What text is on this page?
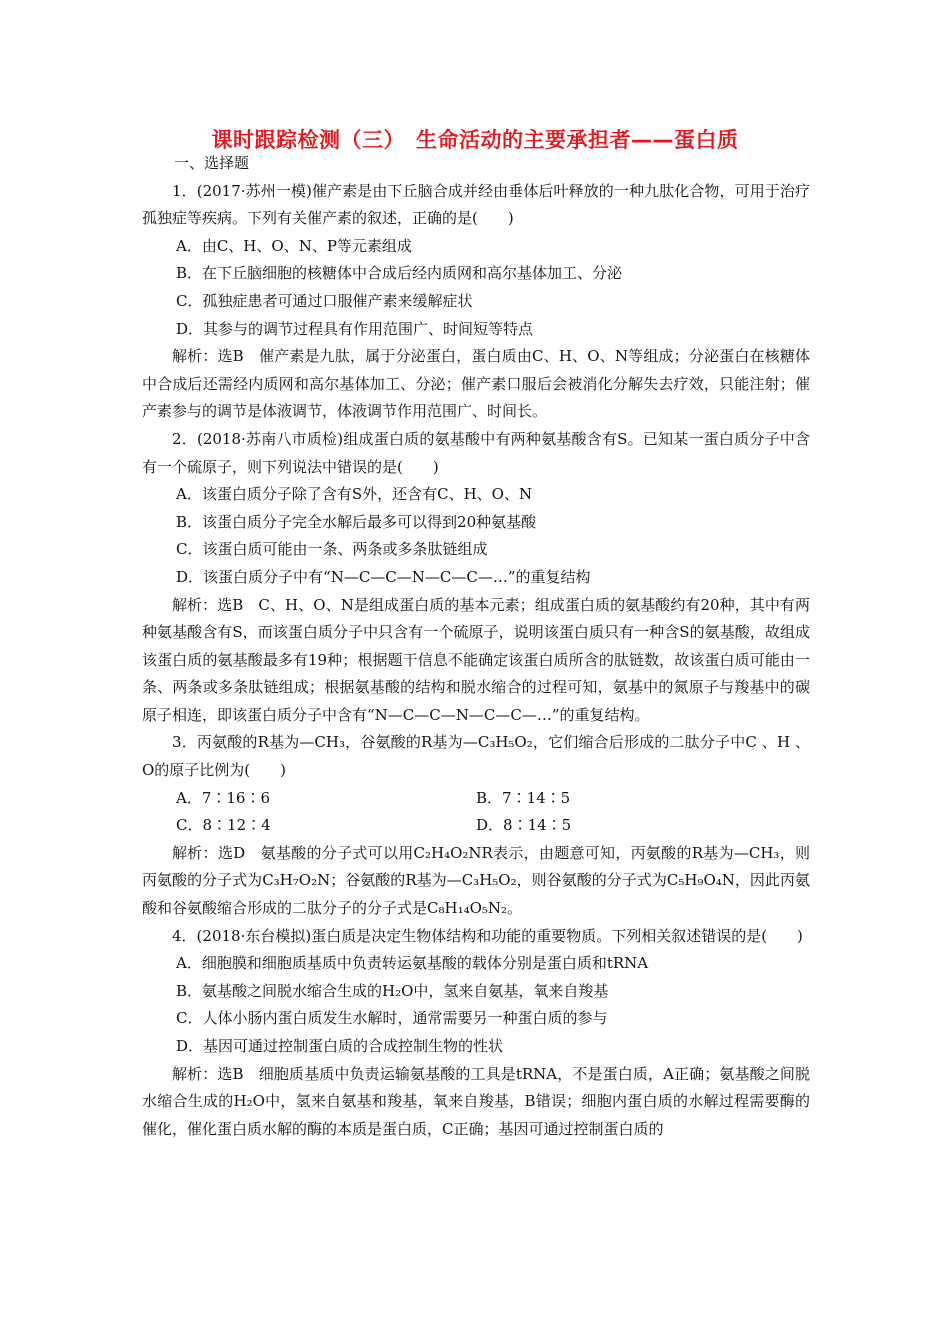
课时跟踪检测（三）　生命活动的主要承担者——蛋白质

一、选择题

1．(2017·苏州一模)催产素是由下丘脑合成并经由垂体后叶释放的一种九肽化合物，可用于治疗孤独症等疾病。下列有关催产素的叙述，正确的是(　　)

A．由C、H、O、N、P等元素组成

B．在下丘脑细胞的核糖体中合成后经内质网和高尔基体加工、分泌

C．孤独症患者可通过口服催产素来缓解症状

D．其参与的调节过程具有作用范围广、时间短等特点

解析：选B　催产素是九肽，属于分泌蛋白，蛋白质由C、H、O、N等组成；分泌蛋白在核糖体中合成后还需经内质网和高尔基体加工、分泌；催产素口服后会被消化分解失去疗效，只能注射；催产素参与的调节是体液调节，体液调节作用范围广、时间长。

2．(2018·苏南八市质检)组成蛋白质的氨基酸中有两种氨基酸含有S。已知某一蛋白质分子中含有一个硫原子，则下列说法中错误的是(　　)

A．该蛋白质分子除了含有S外，还含有C、H、O、N

B．该蛋白质分子完全水解后最多可以得到20种氨基酸

C．该蛋白质可能由一条、两条或多条肽链组成

D．该蛋白质分子中有“N—C—C—N—C—C—…”的重复结构

解析：选B　C、H、O、N是组成蛋白质的基本元素；组成蛋白质的氨基酸约有20种，其中有两种氨基酸含有S，而该蛋白质分子中只含有一个硫原子，说明该蛋白质只有一种含S的氨基酸，故组成该蛋白质的氨基酸最多有19种；根据题干信息不能确定该蛋白质所含的肽链数，故该蛋白质可能由一条、两条或多条肽链组成；根据氨基酸的结构和脱水缩合的过程可知，氨基中的氮原子与羧基中的碳原子相连，即该蛋白质分子中含有“N—C—C—N—C—C—…”的重复结构。

3．丙氨酸的R基为—CH₃，谷氨酸的R基为—C₃H₅O₂，它们缩合后形成的二肽分子中C 、H 、O的原子比例为(　　)

A．7∶16∶6	B．7∶14∶5
C．8∶12∶4	D．8∶14∶5

解析：选D　氨基酸的分子式可以用C₂H₄O₂NR表示，由题意可知，丙氨酸的R基为—CH₃，则丙氨酸的分子式为C₃H₇O₂N；谷氨酸的R基为—C₃H₅O₂，则谷氨酸的分子式为C₅H₉O₄N，因此丙氨酸和谷氨酸缩合形成的二肽分子的分子式是C₈H₁₄O₅N₂。

4．(2018·东台模拟)蛋白质是决定生物体结构和功能的重要物质。下列相关叙述错误的是(　　)

A．细胞膜和细胞质基质中负责转运氨基酸的载体分别是蛋白质和tRNA

B．氨基酸之间脱水缩合生成的H₂O中，氢来自氨基，氧来自羧基

C．人体小肠内蛋白质发生水解时，通常需要另一种蛋白质的参与

D．基因可通过控制蛋白质的合成控制生物的性状

解析：选B　细胞质基质中负责运输氨基酸的工具是tRNA，不是蛋白质，A正确；氨基酸之间脱水缩合生成的H₂O中，氢来自氨基和羧基，氧来自羧基，B错误；细胞内蛋白质的水解过程需要酶的催化，催化蛋白质水解的酶的本质是蛋白质，C正确；基因可通过控制蛋白质的
